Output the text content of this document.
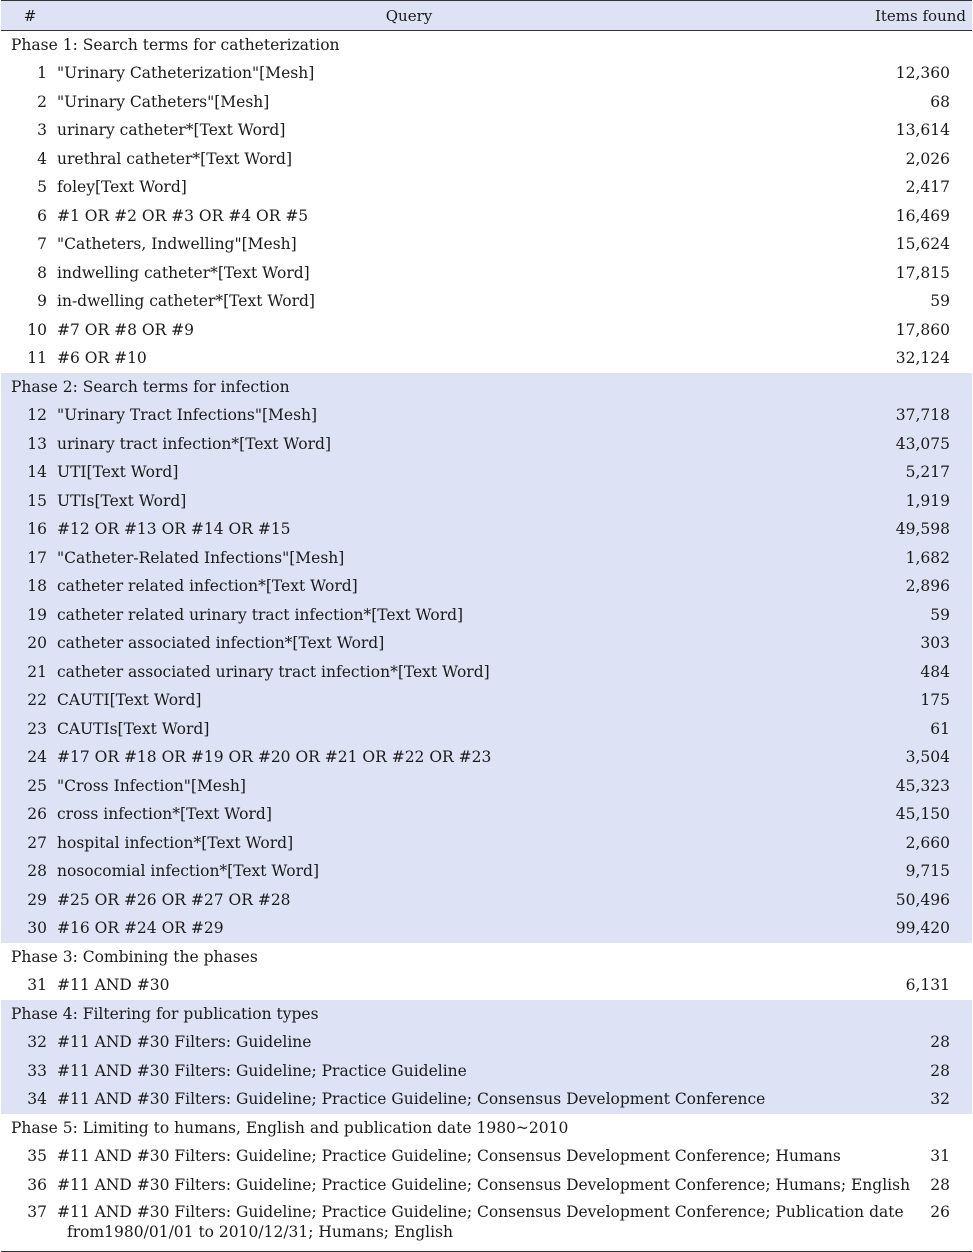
#	Query	Items found
Phase 1: Search terms for catheterization		
1	"Urinary Catheterization"[Mesh]	12,360
2	"Urinary Catheters"[Mesh]	68
3	urinary catheter*[Text Word]	13,614
4	urethral catheter*[Text Word]	2,026
5	foley[Text Word]	2,417
6	#1 OR #2 OR #3 OR #4 OR #5	16,469
7	"Catheters, Indwelling"[Mesh]	15,624
8	indwelling catheter*[Text Word]	17,815
9	in-dwelling catheter*[Text Word]	59
10	#7 OR #8 OR #9	17,860
11	#6 OR #10	32,124
Phase 2: Search terms for infection		
12	"Urinary Tract Infections"[Mesh]	37,718
13	urinary tract infection*[Text Word]	43,075
14	UTI[Text Word]	5,217
15	UTIs[Text Word]	1,919
16	#12 OR #13 OR #14 OR #15	49,598
17	"Catheter-Related Infections"[Mesh]	1,682
18	catheter related infection*[Text Word]	2,896
19	catheter related urinary tract infection*[Text Word]	59
20	catheter associated infection*[Text Word]	303
21	catheter associated urinary tract infection*[Text Word]	484
22	CAUTI[Text Word]	175
23	CAUTIs[Text Word]	61
24	#17 OR #18 OR #19 OR #20 OR #21 OR #22 OR #23	3,504
25	"Cross Infection"[Mesh]	45,323
26	cross infection*[Text Word]	45,150
27	hospital infection*[Text Word]	2,660
28	nosocomial infection*[Text Word]	9,715
29	#25 OR #26 OR #27 OR #28	50,496
30	#16 OR #24 OR #29	99,420
Phase 3: Combining the phases		
31	#11 AND #30	6,131
Phase 4: Filtering for publication types		
32	#11 AND #30 Filters: Guideline	28
33	#11 AND #30 Filters: Guideline; Practice Guideline	28
34	#11 AND #30 Filters: Guideline; Practice Guideline; Consensus Development Conference	32
Phase 5: Limiting to humans, English and publication date 1980~2010		
35	#11 AND #30 Filters: Guideline; Practice Guideline; Consensus Development Conference; Humans	31
36	#11 AND #30 Filters: Guideline; Practice Guideline; Consensus Development Conference; Humans; English	28
37	#11 AND #30 Filters: Guideline; Practice Guideline; Consensus Development Conference; Publication date
from1980/01/01 to 2010/12/31; Humans; English	26
